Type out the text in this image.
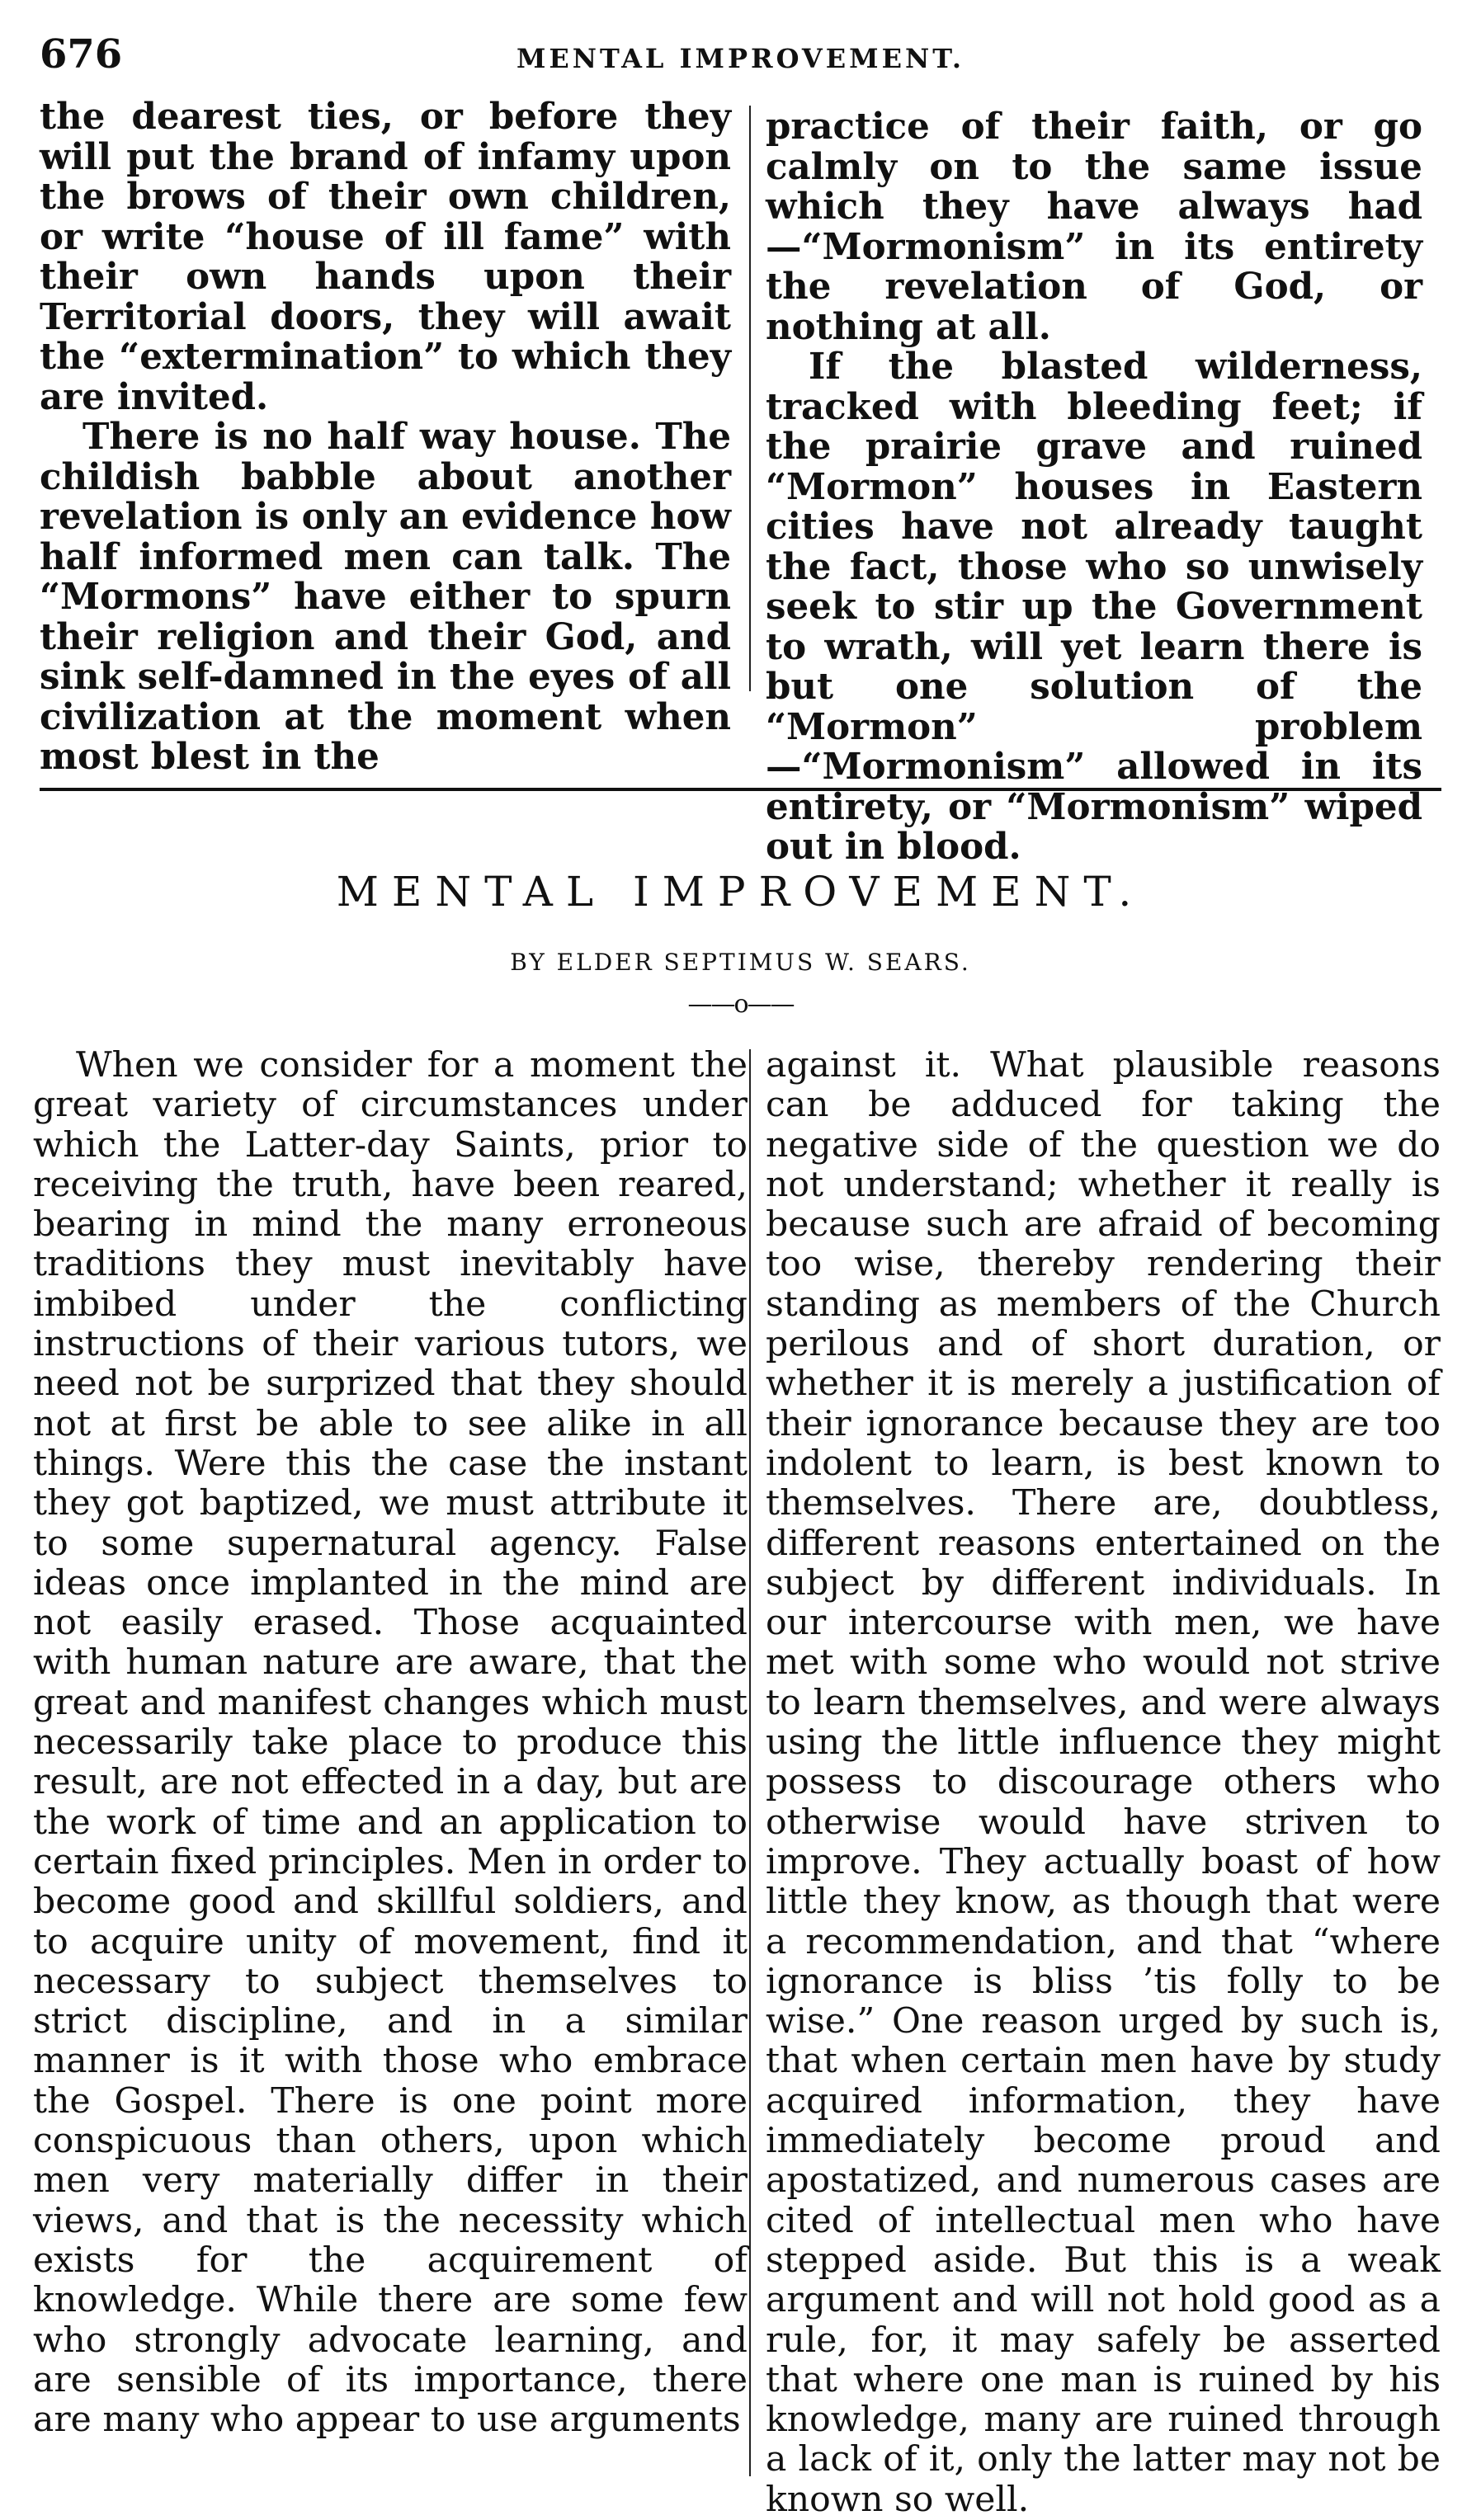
676	MENTAL IMPROVEMENT.

the dearest ties, or before they will put the brand of infamy upon the brows of their own children, or write “house of ill fame” with their own hands upon their Territorial doors, they will await the “extermination” to which they are invited.

There is no half way house. The childish babble about another revelation is only an evidence how half informed men can talk. The “Mormons” have either to spurn their religion and their God, and sink self-damned in the eyes of all civilization at the moment when most blest in the

practice of their faith, or go calmly on to the same issue which they have always had—“Mormonism” in its entirety the revelation of God, or nothing at all.

If the blasted wilderness, tracked with bleeding feet; if the prairie grave and ruined “Mormon” houses in Eastern cities have not already taught the fact, those who so unwisely seek to stir up the Government to wrath, will yet learn there is but one solution of the “Mormon” problem—“Mormonism” allowed in its entirety, or “Mormonism” wiped out in blood.

MENTAL IMPROVEMENT.
BY ELDER SEPTIMUS W. SEARS.
——o——

When we consider for a moment the great variety of circumstances under which the Latter-day Saints, prior to receiving the truth, have been reared, bearing in mind the many erroneous traditions they must inevitably have imbibed under the conflicting instructions of their various tutors, we need not be surprized that they should not at first be able to see alike in all things. Were this the case the instant they got baptized, we must attribute it to some supernatural agency. False ideas once implanted in the mind are not easily erased. Those acquainted with human nature are aware, that the great and manifest changes which must necessarily take place to produce this result, are not effected in a day, but are the work of time and an application to certain fixed principles. Men in order to become good and skillful soldiers, and to acquire unity of movement, find it necessary to subject themselves to strict discipline, and in a similar manner is it with those who embrace the Gospel. There is one point more conspicuous than others, upon which men very materially differ in their views, and that is the necessity which exists for the acquirement of knowledge. While there are some few who strongly advocate learning, and are sensible of its importance, there are many who appear to use arguments

against it. What plausible reasons can be adduced for taking the negative side of the question we do not understand; whether it really is because such are afraid of becoming too wise, thereby rendering their standing as members of the Church perilous and of short duration, or whether it is merely a justification of their ignorance because they are too indolent to learn, is best known to themselves. There are, doubtless, different reasons entertained on the subject by different individuals. In our intercourse with men, we have met with some who would not strive to learn themselves, and were always using the little influence they might possess to discourage others who otherwise would have striven to improve. They actually boast of how little they know, as though that were a recommendation, and that “where ignorance is bliss ’tis folly to be wise.” One reason urged by such is, that when certain men have by study acquired information, they have immediately become proud and apostatized, and numerous cases are cited of intellectual men who have stepped aside. But this is a weak argument and will not hold good as a rule, for, it may safely be asserted that where one man is ruined by his knowledge, many are ruined through a lack of it, only the latter may not be known so well.
